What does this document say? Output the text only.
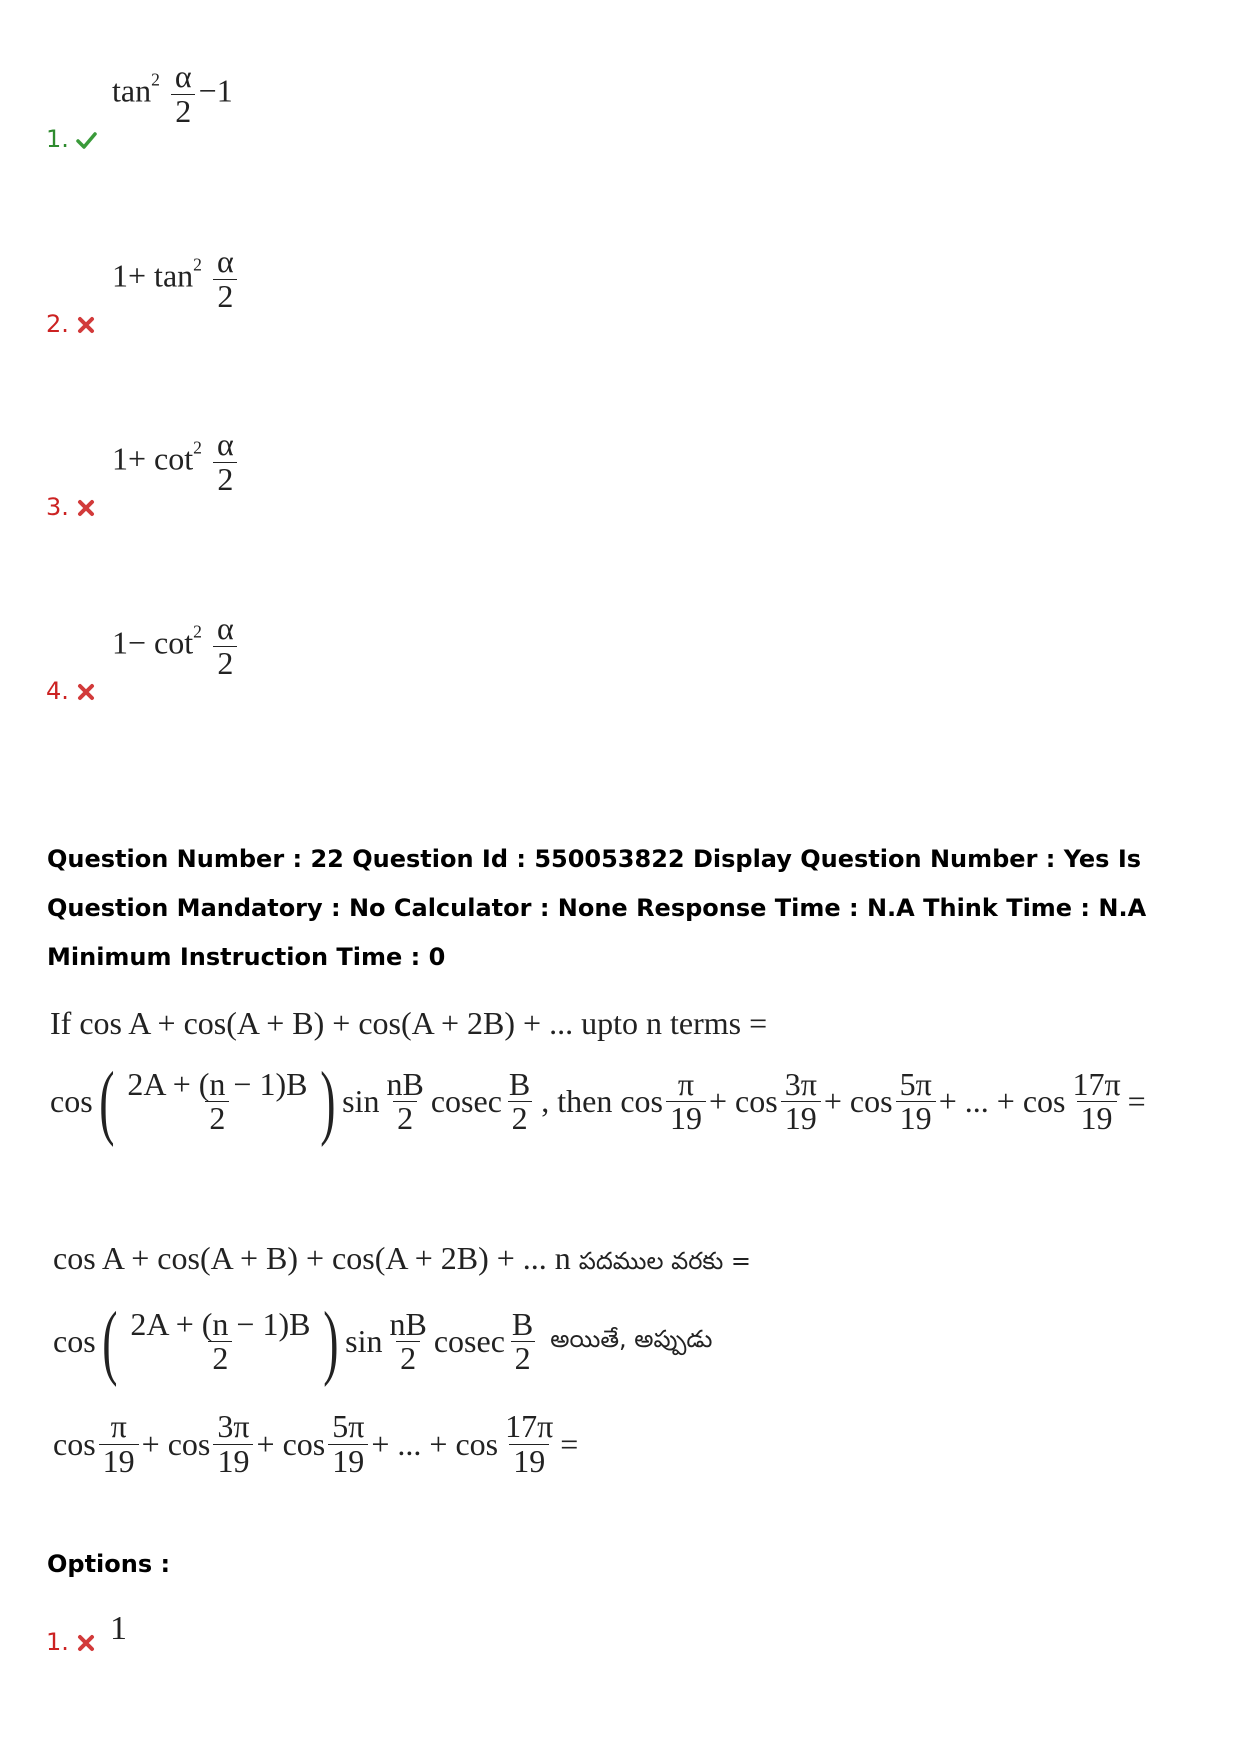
1.
$\tan^2 \frac{\alpha}{2} -1$
2.
$1+ \tan^2 \frac{\alpha}{2}$
3.
$1+ \cot^2 \frac{\alpha}{2}$
4.
$1- \cot^2 \frac{\alpha}{2}$
Question Number : 22 Question Id : 550053822 Display Question Number : Yes Is Question Mandatory : No Calculator : None Response Time : N.A Think Time : N.A Minimum Instruction Time : 0
If cos A + cos(A + B) + cos(A + 2B) + ... upto n terms =
cos ( $\frac{2A + (n - 1)B}{2}$ ) $\sin \frac{nB}{2}$ cosec $\frac{B}{2}$ , then $\cos \frac{\pi}{19} + \cos \frac{3\pi}{19} + \cos \frac{5\pi}{19}$ + ... + $\cos \frac{17\pi}{19}$ =
cos A + cos(A + B) + cos(A + 2B) + ... n పదముల వరకు =
cos ( $\frac{2A + (n - 1)B}{2}$ ) $\sin \frac{nB}{2}$ cosec $\frac{B}{2}$ అయితే, అప్పుడు
$\cos \frac{\pi}{19} + \cos \frac{3\pi}{19} + \cos \frac{5\pi}{19}$ + ... + $\cos \frac{17\pi}{19}$ =
Options :
1.	1
